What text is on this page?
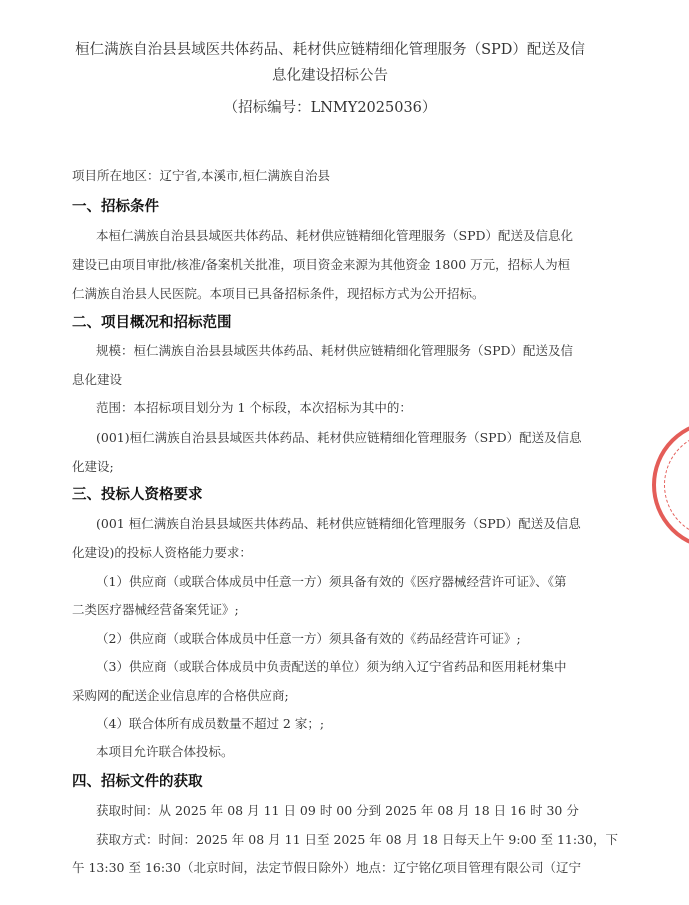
桓仁满族自治县县域医共体药品、耗材供应链精细化管理服务（SPD）配送及信
息化建设招标公告
（招标编号：LNMY2025036）
项目所在地区：辽宁省,本溪市,桓仁满族自治县
一、招标条件
本桓仁满族自治县县域医共体药品、耗材供应链精细化管理服务（SPD）配送及信息化
建设已由项目审批/核准/备案机关批准，项目资金来源为其他资金 1800 万元，招标人为桓
仁满族自治县人民医院。本项目已具备招标条件，现招标方式为公开招标。
二、项目概况和招标范围
规模：桓仁满族自治县县域医共体药品、耗材供应链精细化管理服务（SPD）配送及信
息化建设
范围：本招标项目划分为 1 个标段，本次招标为其中的：
(001)桓仁满族自治县县域医共体药品、耗材供应链精细化管理服务（SPD）配送及信息
化建设;
三、投标人资格要求
(001 桓仁满族自治县县域医共体药品、耗材供应链精细化管理服务（SPD）配送及信息
化建设)的投标人资格能力要求：
（1）供应商（或联合体成员中任意一方）须具备有效的《医疗器械经营许可证》、《第
二类医疗器械经营备案凭证》;
（2）供应商（或联合体成员中任意一方）须具备有效的《药品经营许可证》;
（3）供应商（或联合体成员中负责配送的单位）须为纳入辽宁省药品和医用耗材集中
采购网的配送企业信息库的合格供应商;
（4）联合体所有成员数量不超过 2 家；;
本项目允许联合体投标。
四、招标文件的获取
获取时间：从 2025 年 08 月 11 日 09 时 00 分到 2025 年 08 月 18 日 16 时 30 分
获取方式：时间：2025 年 08 月 11 日至 2025 年 08 月 18 日每天上午 9:00 至 11:30，下
午 13:30 至 16:30（北京时间，法定节假日除外）地点：辽宁铭亿项目管理有限公司（辽宁
